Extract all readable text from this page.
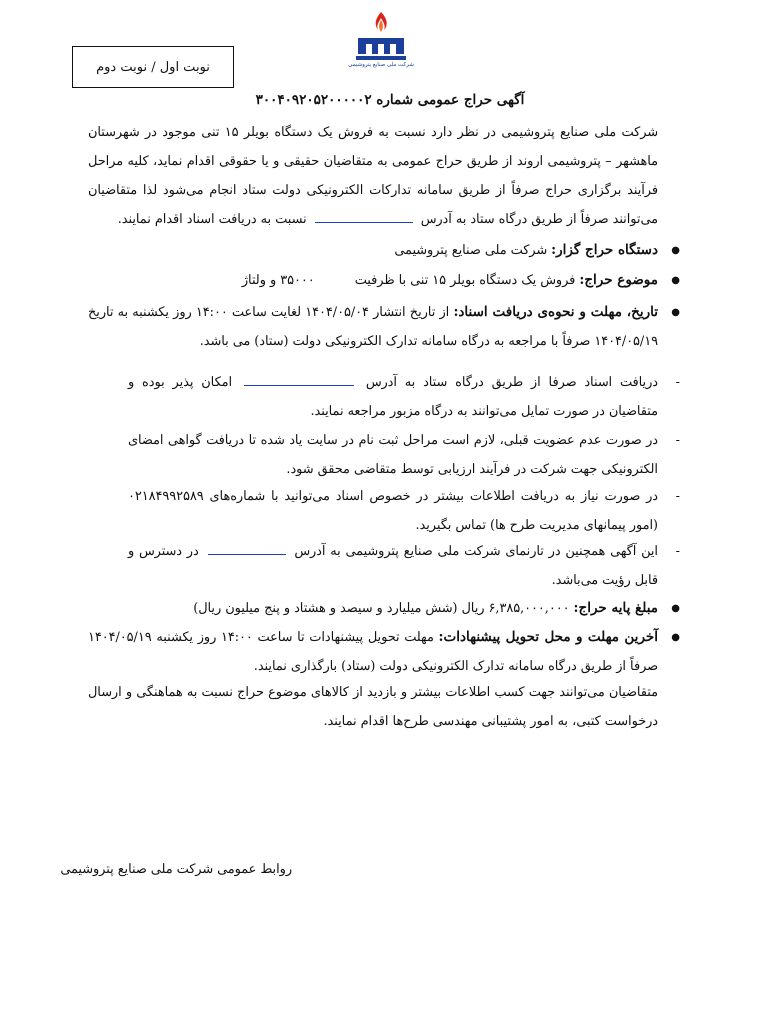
شرکت ملی صنایع پتروشیمی
نوبت اول / نوبت دوم
آگهی حراج عمومی شماره ۳۰۰۴۰۹۲۰۵۲۰۰۰۰۰۲
شرکت ملی صنایع پتروشیمی در نظر دارد نسبت به فروش یک دستگاه بویلر ۱۵ تنی موجود در شهرستان ماهشهر – پتروشیمی اروند از طریق حراج عمومی به متقاضیان حقیقی و یا حقوقی اقدام نماید، کلیه مراحل فرآیند برگزاری حراج صرفاً از طریق سامانه تدارکات الکترونیکی دولت ستاد انجام می‌شود لذا متقاضیان می‌توانند صرفاً از طریق درگاه ستاد به آدرس  نسبت به دریافت اسناد اقدام نمایند.
● دستگاه حراج گزار: شرکت ملی صنایع پتروشیمی
● موضوع حراج: فروش یک دستگاه بویلر ۱۵ تنی با ظرفیت  ۳۵۰۰۰ و ولتاژ
● تاریخ، مهلت و نحوه‌ی دریافت اسناد: از تاریخ انتشار ۱۴۰۴/۰۵/۰۴ لغایت ساعت ۱۴:۰۰ روز یکشنبه به تاریخ ۱۴۰۴/۰۵/۱۹ صرفاً با مراجعه به درگاه سامانه تدارک الکترونیکی دولت (ستاد) می باشد.
- دریافت اسناد صرفا از طریق درگاه ستاد به آدرس  امکان پذیر بوده و متقاضیان در صورت تمایل می‌توانند به درگاه مزبور مراجعه نمایند.
- در صورت عدم عضویت قبلی، لازم است مراحل ثبت نام در سایت یاد شده تا دریافت گواهی امضای الکترونیکی جهت شرکت در فرآیند ارزیابی توسط متقاضی محقق شود.
- در صورت نیاز به دریافت اطلاعات بیشتر در خصوص اسناد می‌توانید با شماره‌های ۰۲۱۸۴۹۹۲۵۸۹ (امور پیمانهای مدیریت طرح ها) تماس بگیرید.
- این آگهی همچنین در تارنمای شرکت ملی صنایع پتروشیمی به آدرس  در دسترس و قابل رؤیت می‌باشد.
● مبلغ پایه حراج: ۶,۳۸۵,۰۰۰,۰۰۰ ریال (شش میلیارد و سیصد و هشتاد و پنج میلیون ریال)
● آخرین مهلت و محل تحویل پیشنهادات: مهلت تحویل پیشنهادات تا ساعت ۱۴:۰۰ روز یکشنبه ۱۴۰۴/۰۵/۱۹ صرفاً از طریق درگاه سامانه تدارک الکترونیکی دولت (ستاد) بارگذاری نمایند.
متقاضیان می‌توانند جهت کسب اطلاعات بیشتر و بازدید از کالاهای موضوع حراج نسبت به هماهنگی و ارسال درخواست کتبی، به امور پشتیبانی مهندسی طرح‌ها اقدام نمایند.
روابط عمومی شرکت ملی صنایع پتروشیمی
